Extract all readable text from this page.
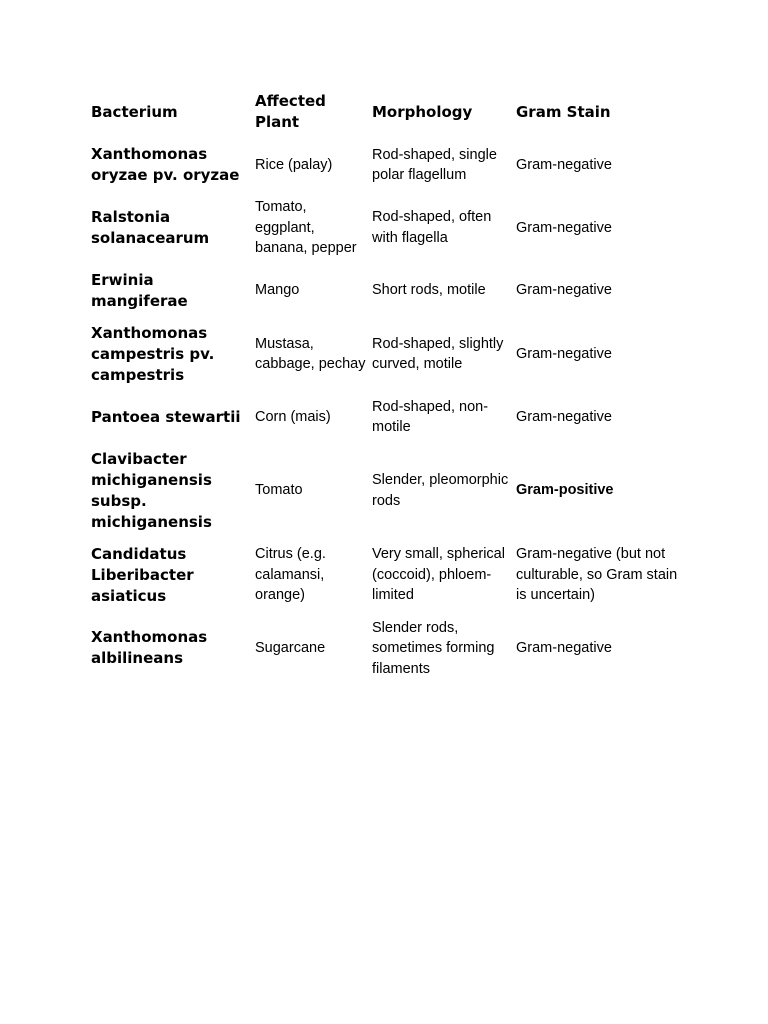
Bacterium	Affected Plant	Morphology	Gram Stain
Xanthomonas oryzae pv. oryzae	Rice (palay)	Rod-shaped, single polar flagellum	Gram-negative
Ralstonia solanacearum	Tomato, eggplant, banana, pepper	Rod-shaped, often with flagella	Gram-negative
Erwinia mangiferae	Mango	Short rods, motile	Gram-negative
Xanthomonas campestris pv. campestris	Mustasa, cabbage, pechay	Rod-shaped, slightly curved, motile	Gram-negative
Pantoea stewartii	Corn (mais)	Rod-shaped, non-motile	Gram-negative
Clavibacter michiganensis subsp. michiganensis	Tomato	Slender, pleomorphic rods	Gram-positive
Candidatus Liberibacter asiaticus	Citrus (e.g. calamansi, orange)	Very small, spherical (coccoid), phloem-limited	Gram-negative (but not culturable, so Gram stain is uncertain)
Xanthomonas albilineans	Sugarcane	Slender rods, sometimes forming filaments	Gram-negative
